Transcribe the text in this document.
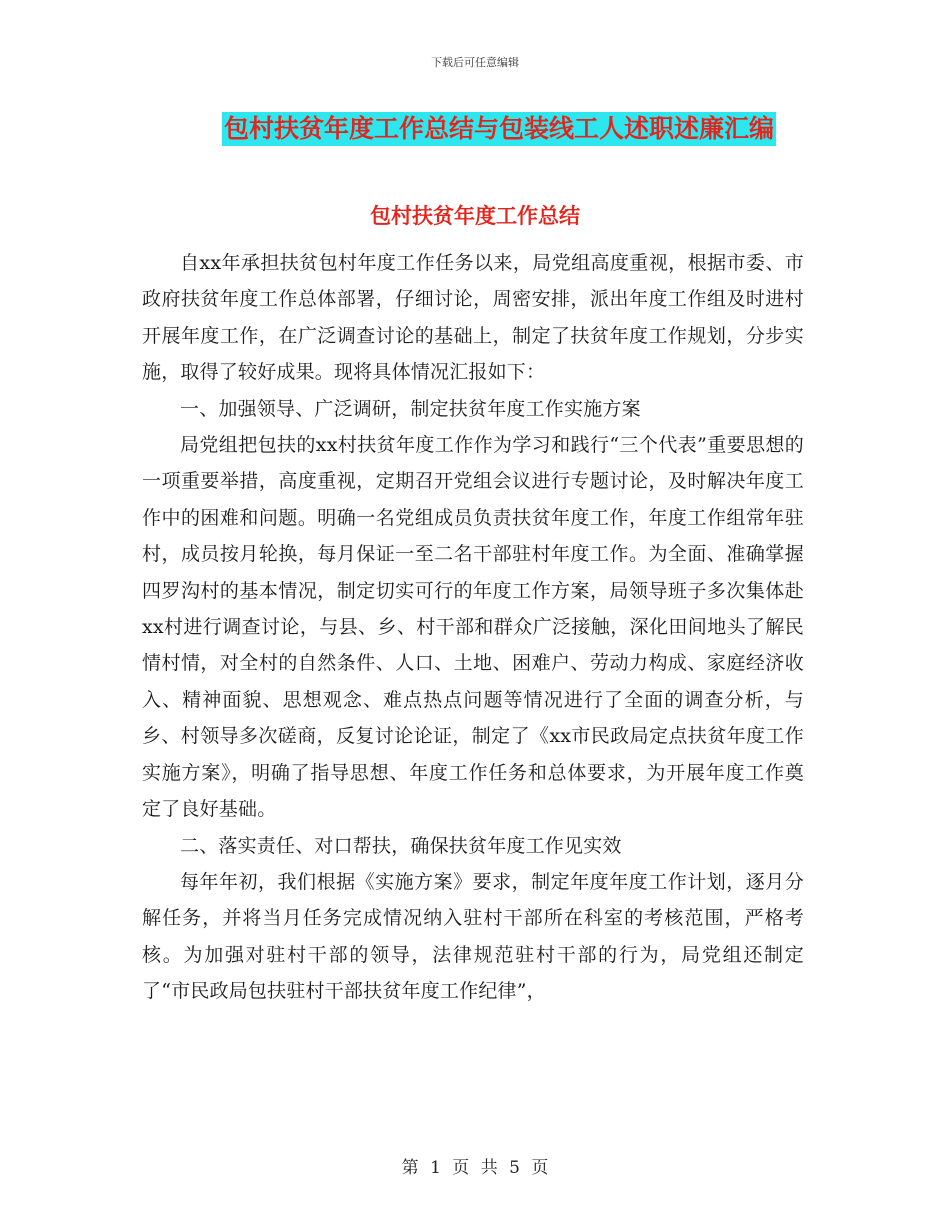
下载后可任意编辑
包村扶贫年度工作总结与包装线工人述职述廉汇编
包村扶贫年度工作总结

自xx年承担扶贫包村年度工作任务以来，局党组高度重视，根据市委、市政府扶贫年度工作总体部署，仔细讨论，周密安排，派出年度工作组及时进村开展年度工作，在广泛调查讨论的基础上，制定了扶贫年度工作规划，分步实施，取得了较好成果。现将具体情况汇报如下：

一、加强领导、广泛调研，制定扶贫年度工作实施方案

局党组把包扶的xx村扶贫年度工作作为学习和践行“三个代表”重要思想的一项重要举措，高度重视，定期召开党组会议进行专题讨论，及时解决年度工作中的困难和问题。明确一名党组成员负责扶贫年度工作，年度工作组常年驻村，成员按月轮换，每月保证一至二名干部驻村年度工作。为全面、准确掌握四罗沟村的基本情况，制定切实可行的年度工作方案，局领导班子多次集体赴xx村进行调查讨论，与县、乡、村干部和群众广泛接触，深化田间地头了解民情村情，对全村的自然条件、人口、土地、困难户、劳动力构成、家庭经济收入、精神面貌、思想观念、难点热点问题等情况进行了全面的调查分析，与乡、村领导多次磋商，反复讨论论证，制定了《xx市民政局定点扶贫年度工作实施方案》，明确了指导思想、年度工作任务和总体要求，为开展年度工作奠定了良好基础。

二、落实责任、对口帮扶，确保扶贫年度工作见实效

每年年初，我们根据《实施方案》要求，制定年度年度工作计划，逐月分解任务，并将当月任务完成情况纳入驻村干部所在科室的考核范围，严格考核。为加强对驻村干部的领导，法律规范驻村干部的行为，局党组还制定了“市民政局包扶驻村干部扶贫年度工作纪律”，

第 1 页 共 5 页
